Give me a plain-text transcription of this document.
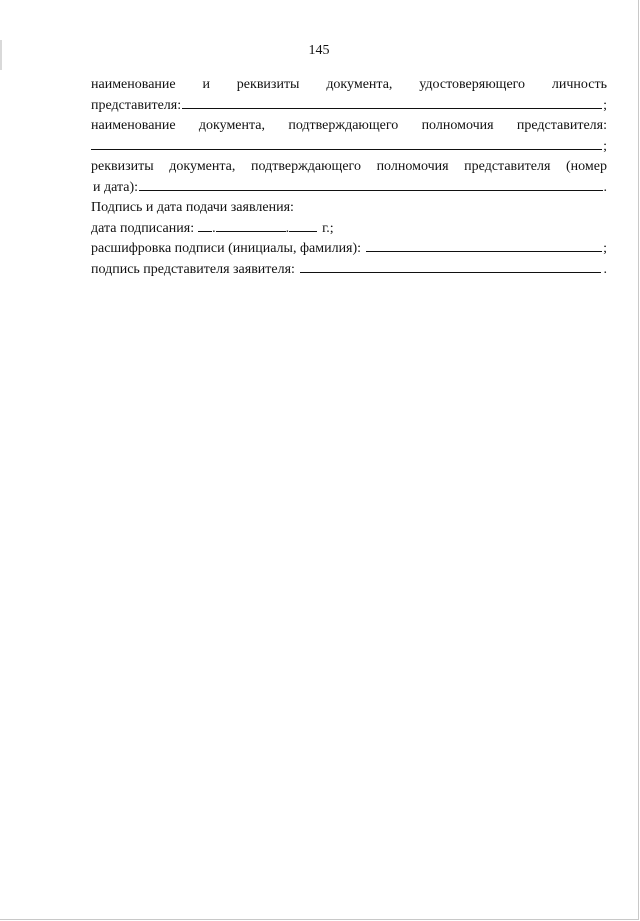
145
наименование и реквизиты документа, удостоверяющего личность
представителя:	;
наименование документа, подтверждающего полномочия представителя:
;
реквизиты документа, подтверждающего полномочия представителя (номер
и дата):	.
Подпись и дата подачи заявления:
дата подписания: .	. г.;
расшифровка подписи (инициалы, фамилия):	;
подпись представителя заявителя:	.
